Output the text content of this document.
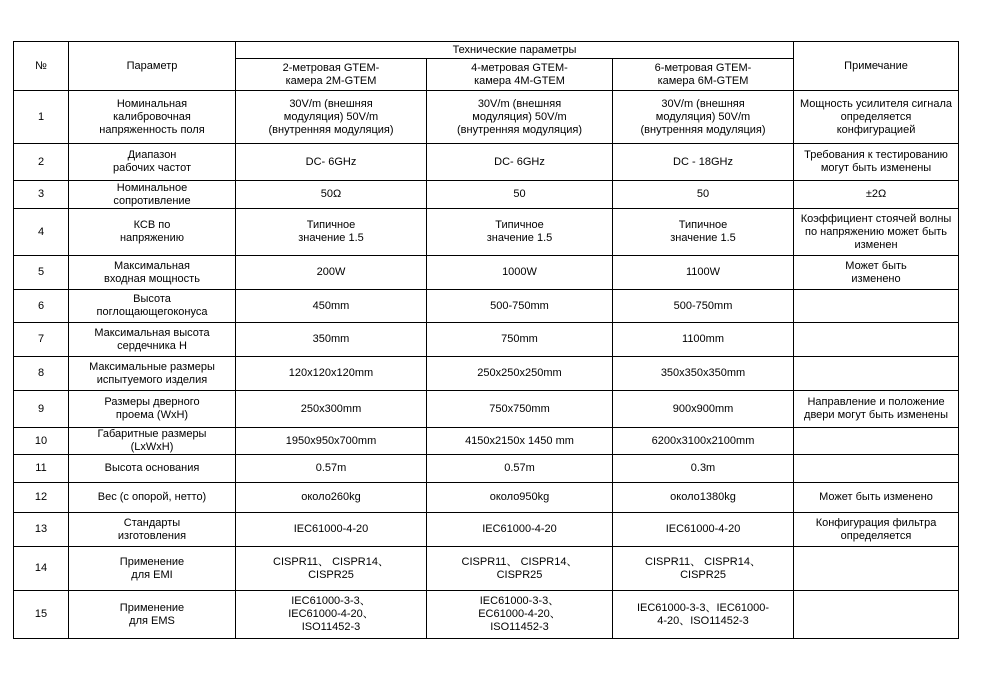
№	Параметр	Технические параметры			Примечание
		2-метровая GTEM-
камера 2M-GTEM	4-метровая GTEM-
камера 4M-GTEM	6-метровая GTEM-
камера 6M-GTEM	
1	Номинальная
калибровочная
напряженность поля	30V/m (внешняя
модуляция) 50V/m
(внутренняя модуляция)	30V/m (внешняя
модуляция) 50V/m
(внутренняя модуляция)	30V/m (внешняя
модуляция) 50V/m
(внутренняя модуляция)	Мощность усилителя сигнала
определяется
конфигурацией
2	Диапазон
рабочих частот	DC- 6GHz	DC- 6GHz	DC - 18GHz	Требования к тестированию
могут быть изменены
3	Номинальное
сопротивление	50Ω	50	50	±2Ω
4	КСВ по
напряжению	Типичное
значение 1.5	Типичное
значение 1.5	Типичное
значение 1.5	Коэффициент стоячей волны
по напряжению может быть
изменен
5	Максимальная
входная мощность	200W	1000W	1100W	Может быть
изменено
6	Высота
поглощающегоконуса	450mm	500-750mm	500-750mm	
7	Максимальная высота
сердечника H	350mm	750mm	1100mm	
8	Максимальные размеры
испытуемого изделия	120x120x120mm	250x250x250mm	350x350x350mm	
9	Размеры дверного
проема (WxH)	250x300mm	750x750mm	900x900mm	Направление и положение
двери могут быть изменены
10	Габаритные размеры
(LxWxH)	1950x950x700mm	4150x2150x 1450 mm	6200x3100x2100mm	
11	Высота основания	0.57m	0.57m	0.3m	
12	Вес (с опорой, нетто)	около260kg	около950kg	около1380kg	Может быть изменено
13	Стандарты
изготовления	IEC61000-4-20	IEC61000-4-20	IEC61000-4-20	Конфигурация фильтра
определяется
14	Применение
для EMI	CISPR11、 CISPR14、
CISPR25	CISPR11、 CISPR14、
CISPR25	CISPR11、 CISPR14、
CISPR25	
15	Применение
для EMS	IEC61000-3-3、
IEC61000-4-20、
ISO11452-3	IEC61000-3-3、
EC61000-4-20、
ISO11452-3	IEC61000-3-3、IEC61000-
4-20、ISO11452-3	
